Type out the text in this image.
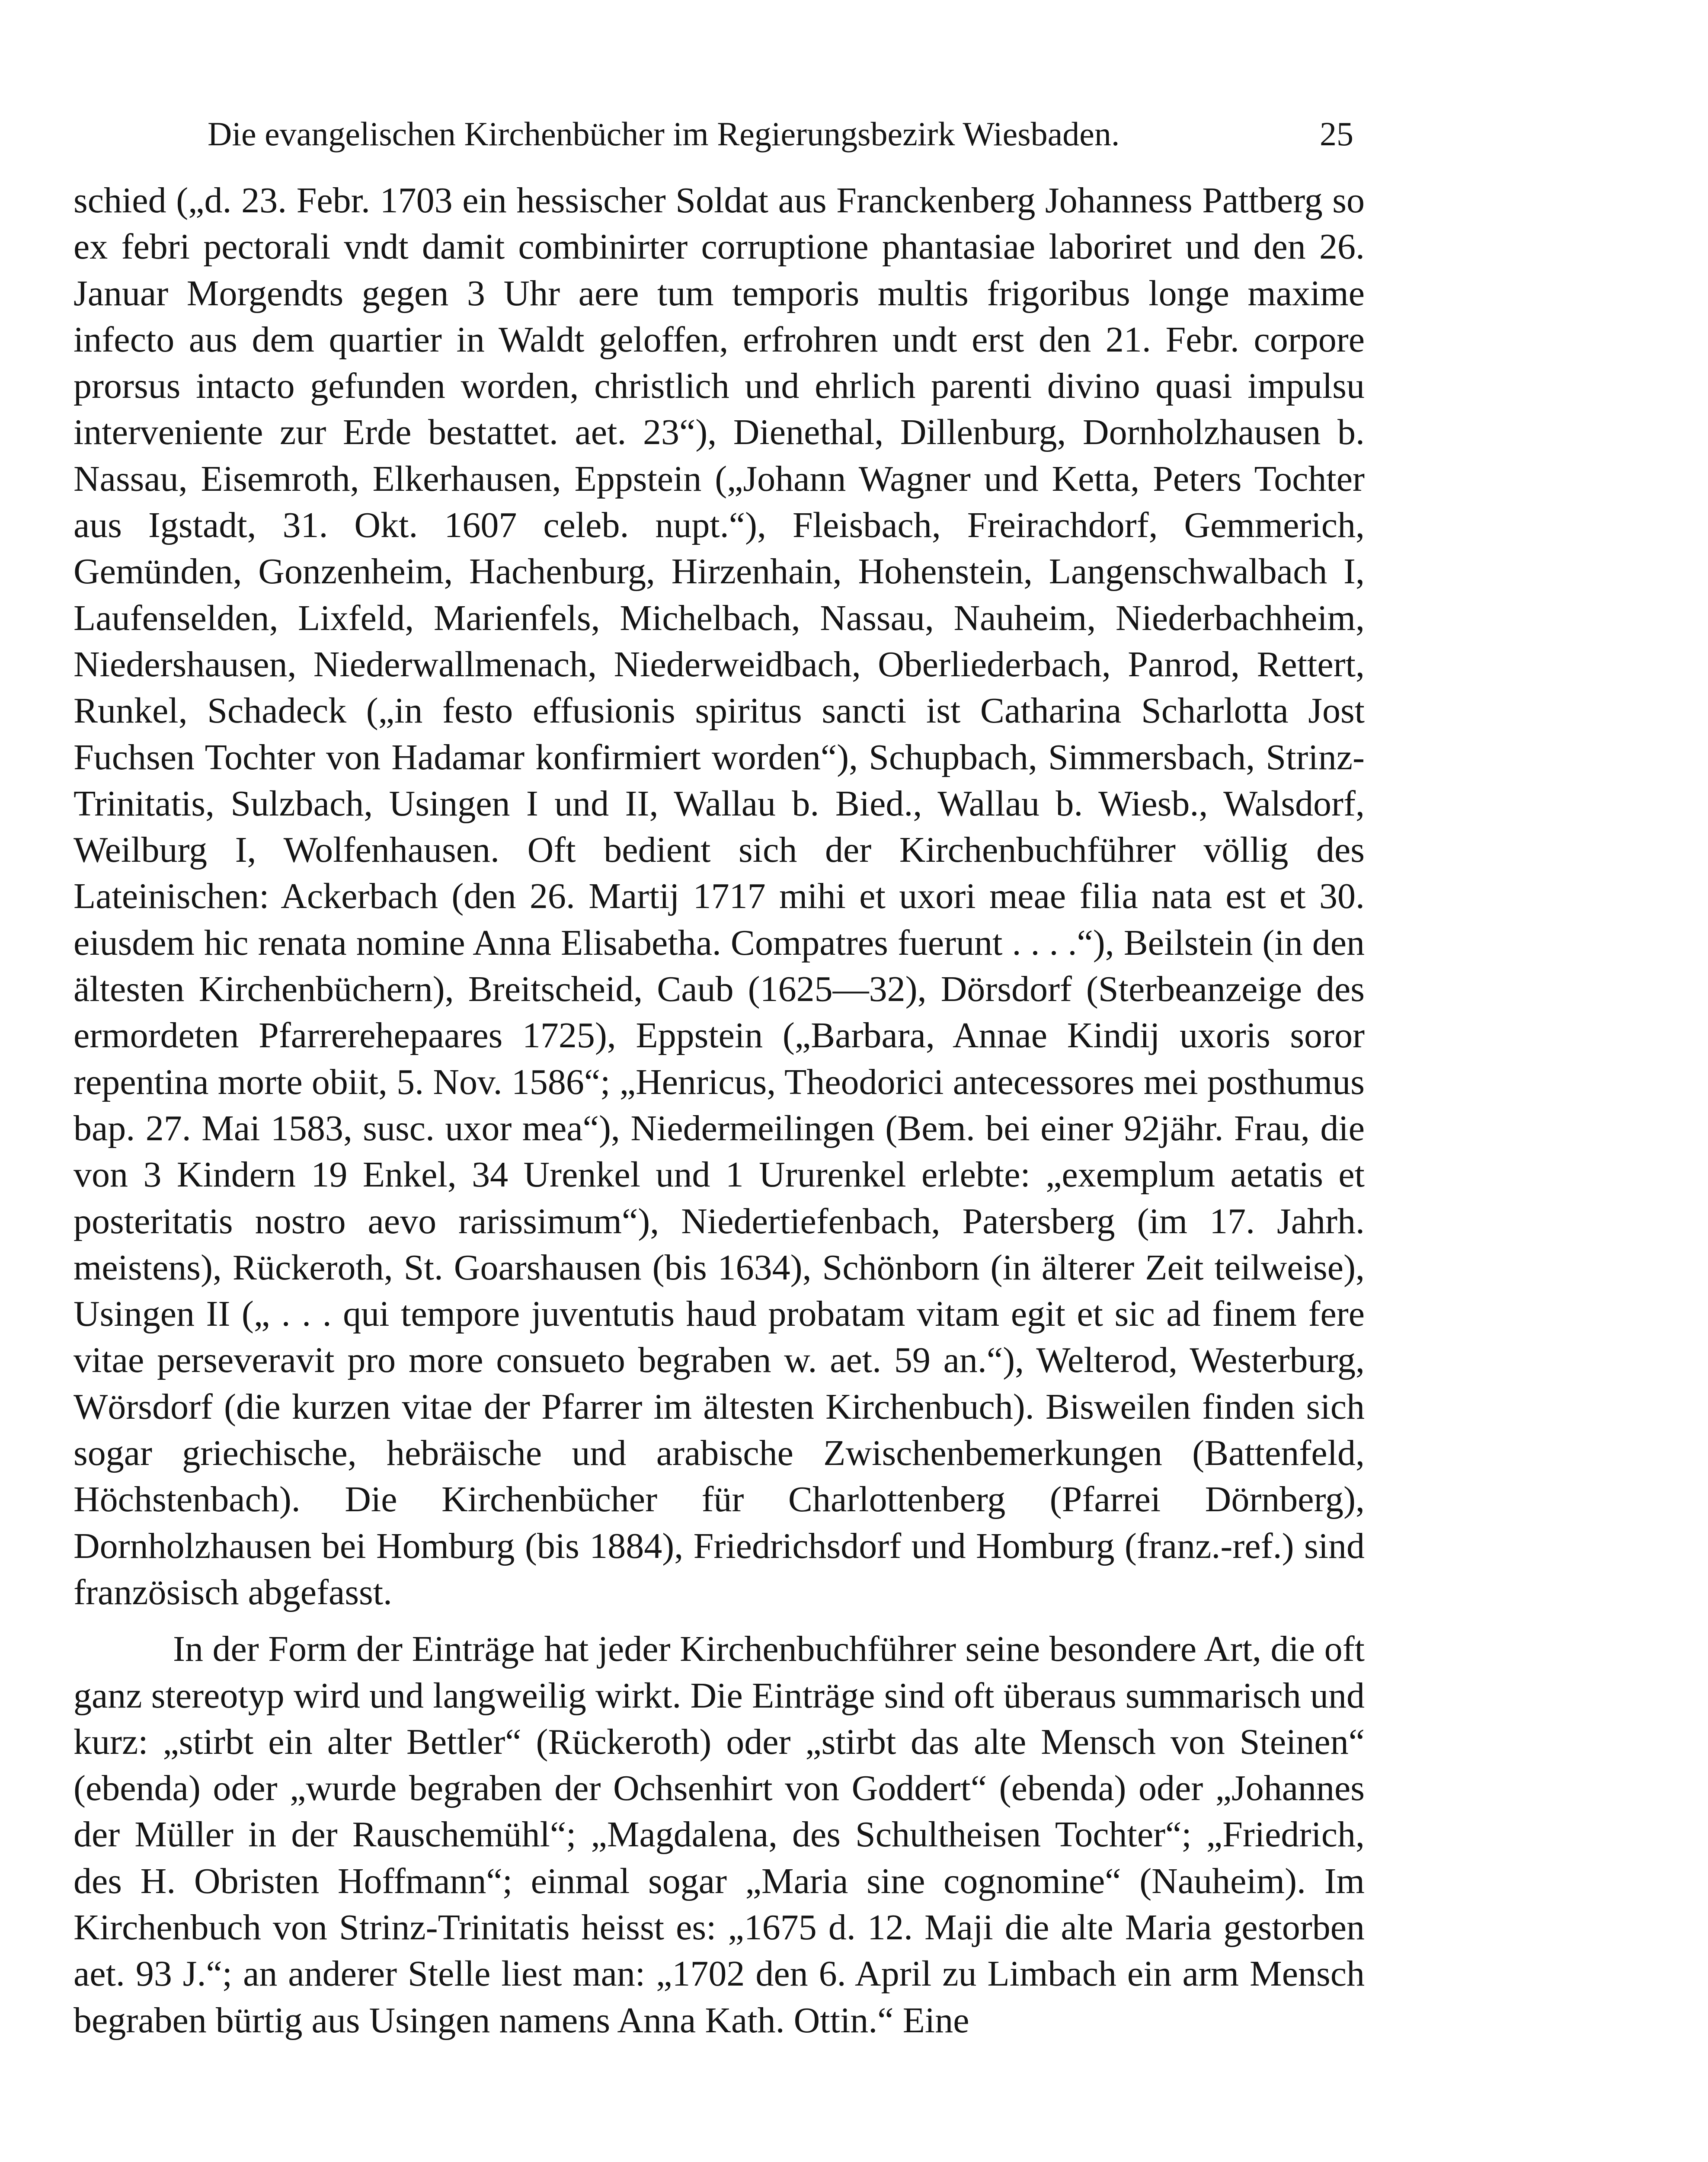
Die evangelischen Kirchenbücher im Regierungsbezirk Wiesbaden.	25

schied („d. 23. Febr. 1703 ein hessischer Soldat aus Franckenberg Johanness Pattberg so ex febri pectorali vndt damit combinirter corruptione phantasiae laboriret und den 26. Januar Morgendts gegen 3 Uhr aere tum temporis multis frigoribus longe maxime infecto aus dem quartier in Waldt geloffen, erfrohren undt erst den 21. Febr. corpore prorsus intacto gefunden worden, christlich und ehrlich parenti divino quasi impulsu interveniente zur Erde bestattet. aet. 23“), Dienethal, Dillenburg, Dornholzhausen b. Nassau, Eisemroth, Elkerhausen, Eppstein („Johann Wagner und Ketta, Peters Tochter aus Igstadt, 31. Okt. 1607 celeb. nupt.“), Fleisbach, Freirachdorf, Gemmerich, Gemünden, Gonzenheim, Hachenburg, Hirzenhain, Hohenstein, Langenschwalbach I, Laufenselden, Lixfeld, Marienfels, Michelbach, Nassau, Nauheim, Niederbachheim, Niedershausen, Niederwallmenach, Niederweidbach, Oberliederbach, Panrod, Rettert, Runkel, Schadeck („in festo effusionis spiritus sancti ist Catharina Scharlotta Jost Fuchsen Tochter von Hadamar konfirmiert worden“), Schupbach, Simmersbach, Strinz-Trinitatis, Sulzbach, Usingen I und II, Wallau b. Bied., Wallau b. Wiesb., Walsdorf, Weilburg I, Wolfenhausen. Oft bedient sich der Kirchenbuchführer völlig des Lateinischen: Ackerbach (den 26. Martij 1717 mihi et uxori meae filia nata est et 30. eiusdem hic renata nomine Anna Elisabetha. Compatres fuerunt . . . .“), Beilstein (in den ältesten Kirchenbüchern), Breitscheid, Caub (1625—32), Dörsdorf (Sterbeanzeige des ermordeten Pfarrerehepaares 1725), Eppstein („Barbara, Annae Kindij uxoris soror repentina morte obiit, 5. Nov. 1586“; „Henricus, Theodorici antecessores mei posthumus bap. 27. Mai 1583, susc. uxor mea“), Niedermeilingen (Bem. bei einer 92jähr. Frau, die von 3 Kindern 19 Enkel, 34 Urenkel und 1 Ururenkel erlebte: „exemplum aetatis et posteritatis nostro aevo rarissimum“), Niedertiefenbach, Patersberg (im 17. Jahrh. meistens), Rückeroth, St. Goarshausen (bis 1634), Schönborn (in älterer Zeit teilweise), Usingen II („ . . . qui tempore juventutis haud probatam vitam egit et sic ad finem fere vitae perseveravit pro more consueto begraben w. aet. 59 an.“), Welterod, Westerburg, Wörsdorf (die kurzen vitae der Pfarrer im ältesten Kirchenbuch). Bisweilen finden sich sogar griechische, hebräische und arabische Zwischenbemerkungen (Battenfeld, Höchstenbach). Die Kirchenbücher für Charlottenberg (Pfarrei Dörnberg), Dornholzhausen bei Homburg (bis 1884), Friedrichsdorf und Homburg (franz.-ref.) sind französisch abgefasst.

In der Form der Einträge hat jeder Kirchenbuchführer seine besondere Art, die oft ganz stereotyp wird und langweilig wirkt. Die Einträge sind oft überaus summarisch und kurz: „stirbt ein alter Bettler“ (Rückeroth) oder „stirbt das alte Mensch von Steinen“ (ebenda) oder „wurde begraben der Ochsenhirt von Goddert“ (ebenda) oder „Johannes der Müller in der Rauschemühl“; „Magdalena, des Schultheisen Tochter“; „Friedrich, des H. Obristen Hoffmann“; einmal sogar „Maria sine cognomine“ (Nauheim). Im Kirchenbuch von Strinz-Trinitatis heisst es: „1675 d. 12. Maji die alte Maria gestorben aet. 93 J.“; an anderer Stelle liest man: „1702 den 6. April zu Limbach ein arm Mensch begraben bürtig aus Usingen namens Anna Kath. Ottin.“ Eine
